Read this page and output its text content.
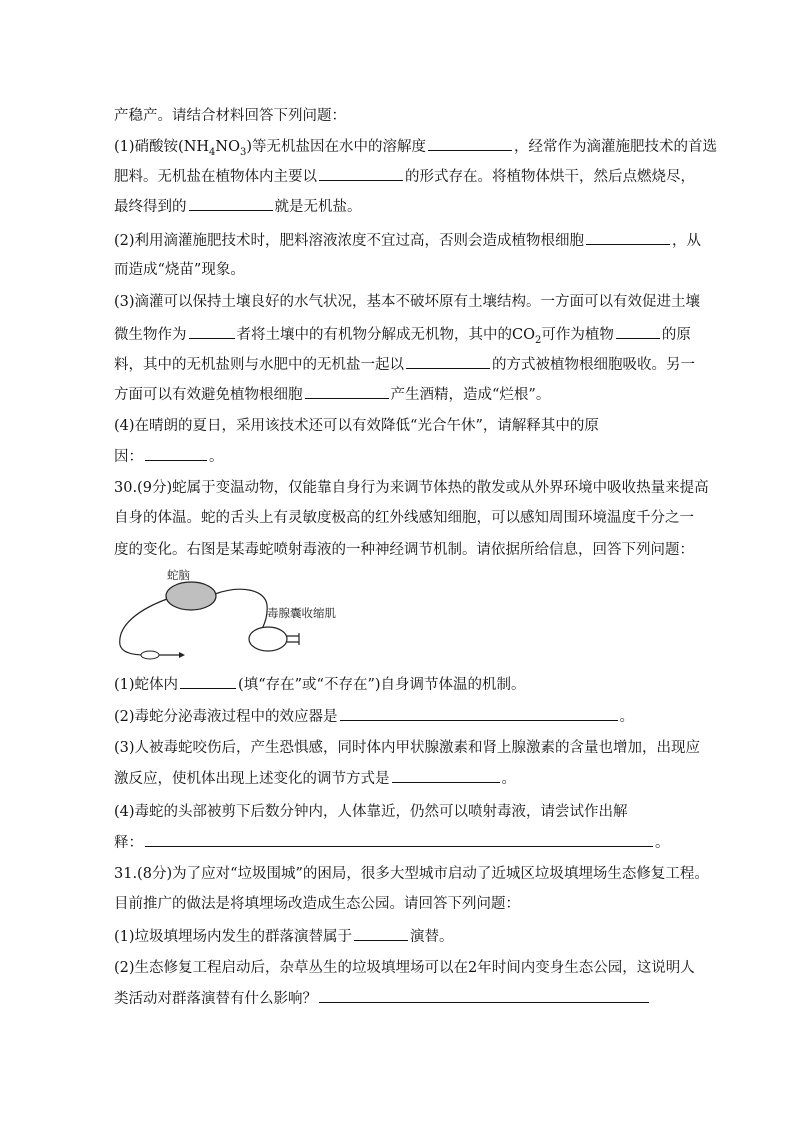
产稳产。请结合材料回答下列问题：
(1)硝酸铵$(NH_4NO_3)$等无机盐因在水中的溶解度	，经常作为滴灌施肥技术的首选
肥料。无机盐在植物体内主要以	的形式存在。将植物体烘干，然后点燃烧尽，
最终得到的	就是无机盐。
(2)利用滴灌施肥技术时，肥料溶液浓度不宜过高，否则会造成植物根细胞	，从
而造成“烧苗”现象。
(3)滴灌可以保持土壤良好的水气状况，基本不破坏原有土壤结构。一方面可以有效促进土壤
微生物作为	者将土壤中的有机物分解成无机物，其中的$CO_2$可作为植物	的原
料，其中的无机盐则与水肥中的无机盐一起以	的方式被植物根细胞吸收。另一
方面可以有效避免植物根细胞	产生酒精，造成“烂根”。
(4)在晴朗的夏日，采用该技术还可以有效降低“光合午休”，请解释其中的原
因：	。
30.(9分)蛇属于变温动物，仅能靠自身行为来调节体热的散发或从外界环境中吸收热量来提高
自身的体温。蛇的舌头上有灵敏度极高的红外线感知细胞，可以感知周围环境温度千分之一
度的变化。右图是某毒蛇喷射毒液的一种神经调节机制。请依据所给信息，回答下列问题：
蛇脑
毒腺囊收缩肌
(1)蛇体内	(填“存在”或“不存在”)自身调节体温的机制。
(2)毒蛇分泌毒液过程中的效应器是	。
(3)人被毒蛇咬伤后，产生恐惧感，同时体内甲状腺激素和肾上腺激素的含量也增加，出现应
激反应，使机体出现上述变化的调节方式是	。
(4)毒蛇的头部被剪下后数分钟内，人体靠近，仍然可以喷射毒液，请尝试作出解
释：	。
31.(8分)为了应对“垃圾围城”的困局，很多大型城市启动了近城区垃圾填埋场生态修复工程。
目前推广的做法是将填埋场改造成生态公园。请回答下列问题：
(1)垃圾填埋场内发生的群落演替属于	演替。
(2)生态修复工程启动后，杂草丛生的垃圾填埋场可以在2年时间内变身生态公园，这说明人
类活动对群落演替有什么影响？
